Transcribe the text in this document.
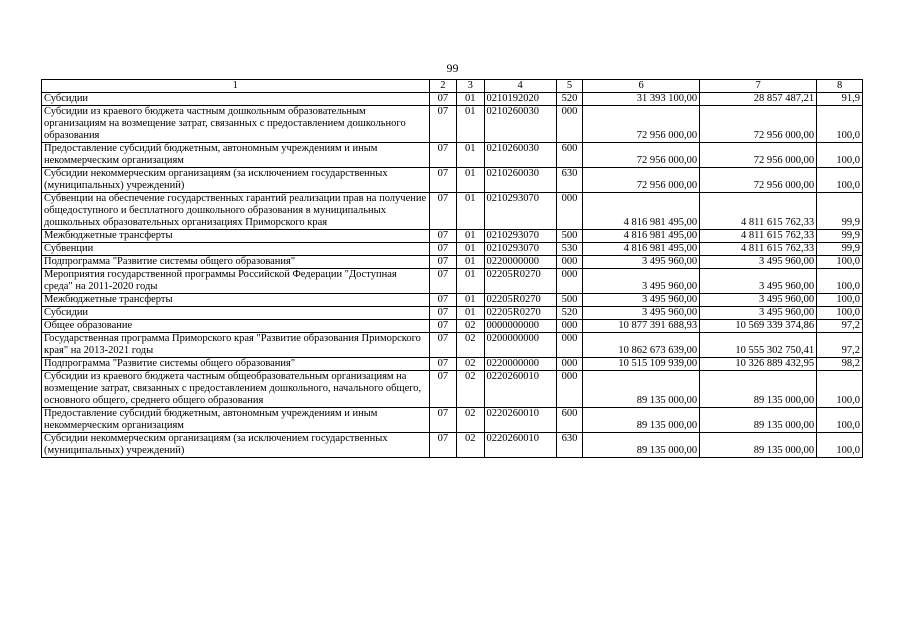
99
1	2	3	4	5	6	7	8
Субсидии	07	01	0210192020	520	31 393 100,00	28 857 487,21	91,9
Субсидии из краевого бюджета частным дошкольным образовательным организациям на возмещение затрат, связанных с предоставлением дошкольного образования	07	01	0210260030	000	72 956 000,00	72 956 000,00	100,0
Предоставление субсидий бюджетным, автономным учреждениям и иным некоммерческим организациям	07	01	0210260030	600	72 956 000,00	72 956 000,00	100,0
Субсидии некоммерческим организациям (за исключением государственных (муниципальных) учреждений)	07	01	0210260030	630	72 956 000,00	72 956 000,00	100,0
Субвенции на обеспечение государственных гарантий реализации прав на получение общедоступного и бесплатного дошкольного образования в муниципальных дошкольных образовательных организациях Приморского края	07	01	0210293070	000	4 816 981 495,00	4 811 615 762,33	99,9
Межбюджетные трансферты	07	01	0210293070	500	4 816 981 495,00	4 811 615 762,33	99,9
Субвенции	07	01	0210293070	530	4 816 981 495,00	4 811 615 762,33	99,9
Подпрограмма "Развитие системы общего образования"	07	01	0220000000	000	3 495 960,00	3 495 960,00	100,0
Мероприятия государственной программы Российской Федерации "Доступная среда" на 2011-2020 годы	07	01	02205R0270	000	3 495 960,00	3 495 960,00	100,0
Межбюджетные трансферты	07	01	02205R0270	500	3 495 960,00	3 495 960,00	100,0
Субсидии	07	01	02205R0270	520	3 495 960,00	3 495 960,00	100,0
Общее образование	07	02	0000000000	000	10 877 391 688,93	10 569 339 374,86	97,2
Государственная программа Приморского края "Развитие образования Приморского края" на 2013-2021 годы	07	02	0200000000	000	10 862 673 639,00	10 555 302 750,41	97,2
Подпрограмма "Развитие системы общего образования"	07	02	0220000000	000	10 515 109 939,00	10 326 889 432,95	98,2
Субсидии из краевого бюджета частным общеобразовательным организациям на возмещение затрат, связанных с предоставлением дошкольного, начального общего, основного общего, среднего общего образования	07	02	0220260010	000	89 135 000,00	89 135 000,00	100,0
Предоставление субсидий бюджетным, автономным учреждениям и иным некоммерческим организациям	07	02	0220260010	600	89 135 000,00	89 135 000,00	100,0
Субсидии некоммерческим организациям (за исключением государственных (муниципальных) учреждений)	07	02	0220260010	630	89 135 000,00	89 135 000,00	100,0
